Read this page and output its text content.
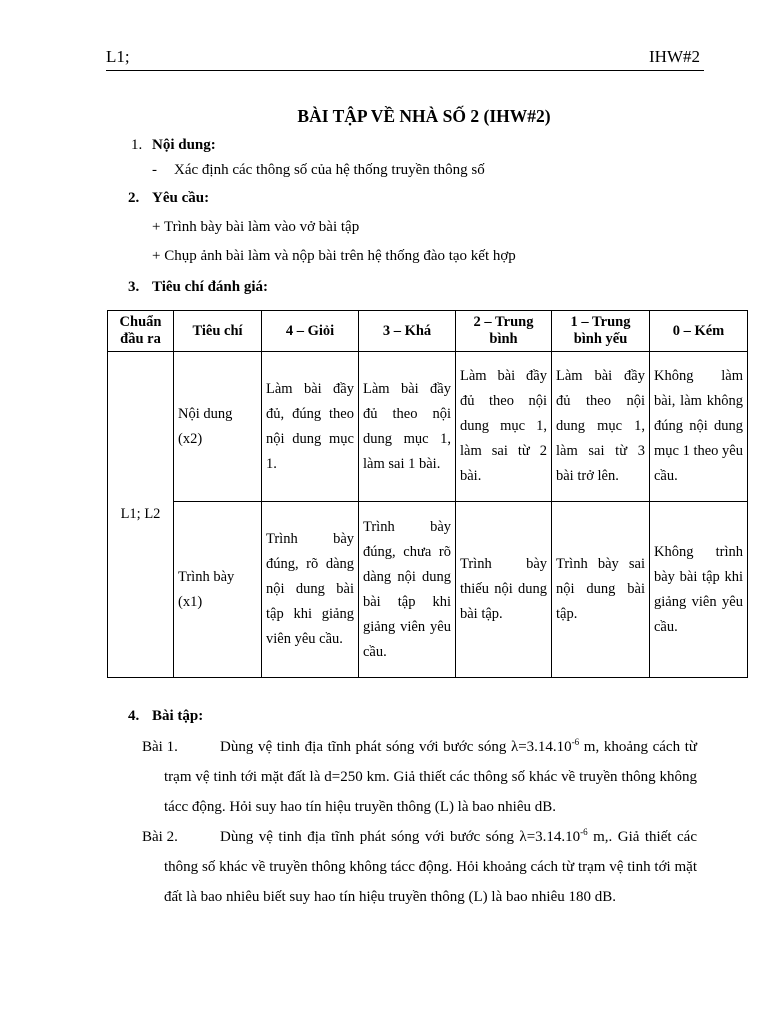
L1;	IHW#2
BÀI TẬP VỀ NHÀ SỐ 2 (IHW#2)
1. Nội dung:
- Xác định các thông số của hệ thống truyền thông số
2. Yêu cầu:
+ Trình bày bài làm vào vở bài tập
+ Chụp ảnh bài làm và nộp bài trên hệ thống đào tạo kết hợp
3. Tiêu chí đánh giá:
Chuẩn đầu ra	Tiêu chí	4 – Giỏi	3 – Khá	2 – Trung bình	1 – Trung bình yếu	0 – Kém
L1; L2	Nội dung (x2)	Làm bài đầy đủ, đúng theo nội dung mục 1.	Làm bài đầy đủ theo nội dung mục 1, làm sai 1 bài.	Làm bài đầy đủ theo nội dung mục 1, làm sai từ 2 bài.	Làm bài đầy đủ theo nội dung mục 1, làm sai từ 3 bài trở lên.	Không làm bài, làm không đúng nội dung mục 1 theo yêu cầu.
	Trình bày (x1)	Trình bày đúng, rõ dàng nội dung bài tập khi giảng viên yêu cầu.	Trình bày đúng, chưa rõ dàng nội dung bài tập khi giảng viên yêu cầu.	Trình bày thiếu nội dung bài tập.	Trình bày sai nội dung bài tập.	Không trình bày bài tập khi giảng viên yêu cầu.
4. Bài tập:
Bài 1.	Dùng vệ tinh địa tĩnh phát sóng với bước sóng $\lambda=3.14.10^{-6}$ m, khoảng cách từ trạm vệ tinh tới mặt đất là d=250 km. Giả thiết các thông số khác về truyền thông không tácc động. Hỏi suy hao tín hiệu truyền thông (L) là bao nhiêu dB.
Bài 2.	Dùng vệ tinh địa tĩnh phát sóng với bước sóng $\lambda=3.14.10^{-6}$ m,. Giả thiết các thông số khác về truyền thông không tácc động. Hỏi khoảng cách từ trạm vệ tinh tới mặt đất là bao nhiêu biết suy hao tín hiệu truyền thông (L) là bao nhiêu 180 dB.
